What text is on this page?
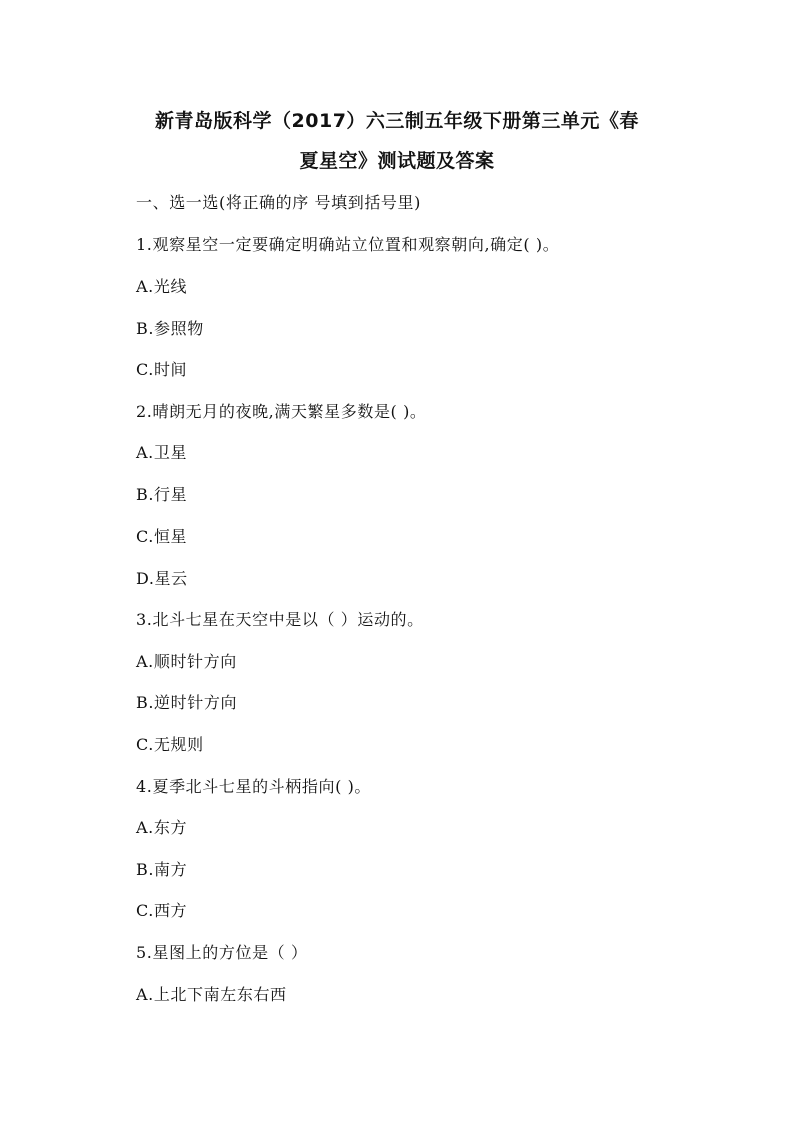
新青岛版科学（2017）六三制五年级下册第三单元《春
夏星空》测试题及答案
一、选一选(将正确的序 号填到括号里)
1.观察星空一定要确定明确站立位置和观察朝向,确定( )。
A.光线
B.参照物
C.时间
2.晴朗无月的夜晚,满天繁星多数是( )。
A.卫星
B.行星
C.恒星
D.星云
3.北斗七星在天空中是以（ ）运动的。
A.顺时针方向
B.逆时针方向
C.无规则
4.夏季北斗七星的斗柄指向( )。
A.东方
B.南方
C.西方
5.星图上的方位是（ ）
A.上北下南左东右西
